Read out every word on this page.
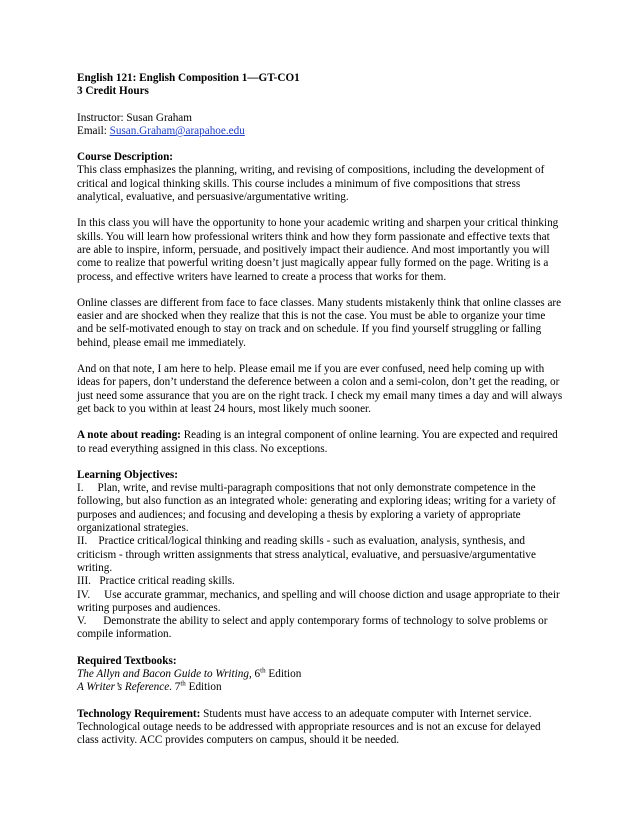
English 121: English Composition 1—GT-CO1

3 Credit Hours

Instructor: Susan Graham

Email: Susan.Graham@arapahoe.edu

Course Description:

This class emphasizes the planning, writing, and revising of compositions, including the development of critical and logical thinking skills. This course includes a minimum of five compositions that stress analytical, evaluative, and persuasive/argumentative writing.

In this class you will have the opportunity to hone your academic writing and sharpen your critical thinking skills. You will learn how professional writers think and how they form passionate and effective texts that are able to inspire, inform, persuade, and positively impact their audience. And most importantly you will come to realize that powerful writing doesn’t just magically appear fully formed on the page. Writing is a process, and effective writers have learned to create a process that works for them.

Online classes are different from face to face classes. Many students mistakenly think that online classes are easier and are shocked when they realize that this is not the case. You must be able to organize your time and be self-motivated enough to stay on track and on schedule. If you find yourself struggling or falling behind, please email me immediately.

And on that note, I am here to help. Please email me if you are ever confused, need help coming up with ideas for papers, don’t understand the deference between a colon and a semi-colon, don’t get the reading, or just need some assurance that you are on the right track. I check my email many times a day and will always get back to you within at least 24 hours, most likely much sooner.

A note about reading: Reading is an integral component of online learning. You are expected and required to read everything assigned in this class. No exceptions.

Learning Objectives:

I.     Plan, write, and revise multi-paragraph compositions that not only demonstrate competence in the following, but also function as an integrated whole: generating and exploring ideas; writing for a variety of purposes and audiences; and focusing and developing a thesis by exploring a variety of appropriate organizational strategies.

II.    Practice critical/logical thinking and reading skills - such as evaluation, analysis, synthesis, and criticism - through written assignments that stress analytical, evaluative, and persuasive/argumentative writing.

III.   Practice critical reading skills.

IV.     Use accurate grammar, mechanics, and spelling and will choose diction and usage appropriate to their writing purposes and audiences.

V.      Demonstrate the ability to select and apply contemporary forms of technology to solve problems or compile information.

Required Textbooks:

The Allyn and Bacon Guide to Writing, 6th Edition

A Writer’s Reference. 7th Edition

Technology Requirement: Students must have access to an adequate computer with Internet service. Technological outage needs to be addressed with appropriate resources and is not an excuse for delayed class activity. ACC provides computers on campus, should it be needed.
